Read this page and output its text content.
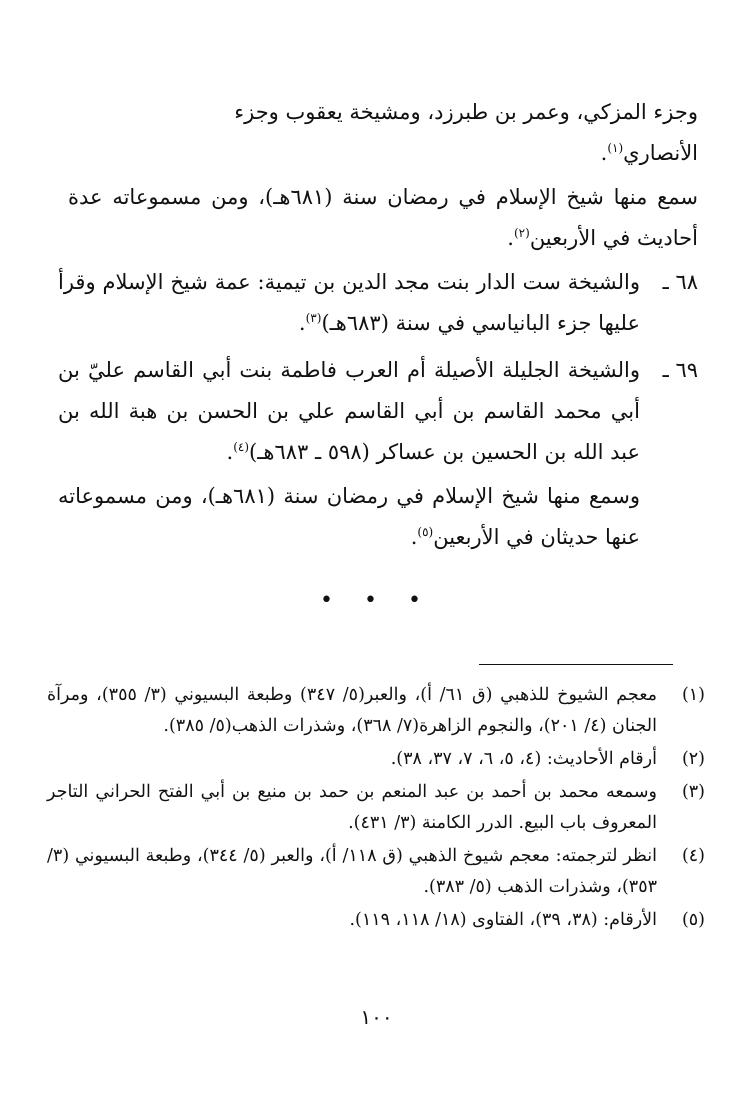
وجزء المزكي، وعمر بن طبرزد، ومشيخة يعقوب وجزء

الأنصاري$^{(١)}$.

سمع منها شيخ الإسلام في رمضان سنة (٦٨١هـ)، ومن مسموعاته عدة أحاديث في الأربعين$^{(٢)}$.

٦٨ ـ

والشيخة ست الدار بنت مجد الدين بن تيمية: عمة شيخ الإسلام وقرأ عليها جزء البانياسي في سنة (٦٨٣هـ)$^{(٣)}$.

٦٩ ـ

والشيخة الجليلة الأصيلة أم العرب فاطمة بنت أبي القاسم عليّ بن أبي محمد القاسم بن أبي القاسم علي بن الحسن بن هبة الله بن عبد الله بن الحسين بن عساكر (٥٩٨ ـ ٦٨٣هـ)$^{(٤)}$.

وسمع منها شيخ الإسلام في رمضان سنة (٦٨١هـ)، ومن مسموعاته عنها حديثان في الأربعين$^{(٥)}$.

• • •
(١)
معجم الشيوخ للذهبي (ق ٦١/ أ)، والعبر(٥/ ٣٤٧) وطبعة البسيوني (٣/ ٣٥٥)، ومرآة الجنان (٤/ ٢٠١)، والنجوم الزاهرة(٧/ ٣٦٨)، وشذرات الذهب(٥/ ٣٨٥).
(٢)
أرقام الأحاديث: (٤، ٥، ٦، ٧، ٣٧، ٣٨).
(٣)
وسمعه محمد بن أحمد بن عبد المنعم بن حمد بن منيع بن أبي الفتح الحراني التاجر المعروف باب البيع. الدرر الكامنة (٣/ ٤٣١).
(٤)
انظر لترجمته: معجم شيوخ الذهبي (ق ١١٨/ أ)، والعبر (٥/ ٣٤٤)، وطبعة البسيوني (٣/ ٣٥٣)، وشذرات الذهب (٥/ ٣٨٣).
(٥)
الأرقام: (٣٨، ٣٩)، الفتاوى (١٨/ ١١٨، ١١٩).
١٠٠
